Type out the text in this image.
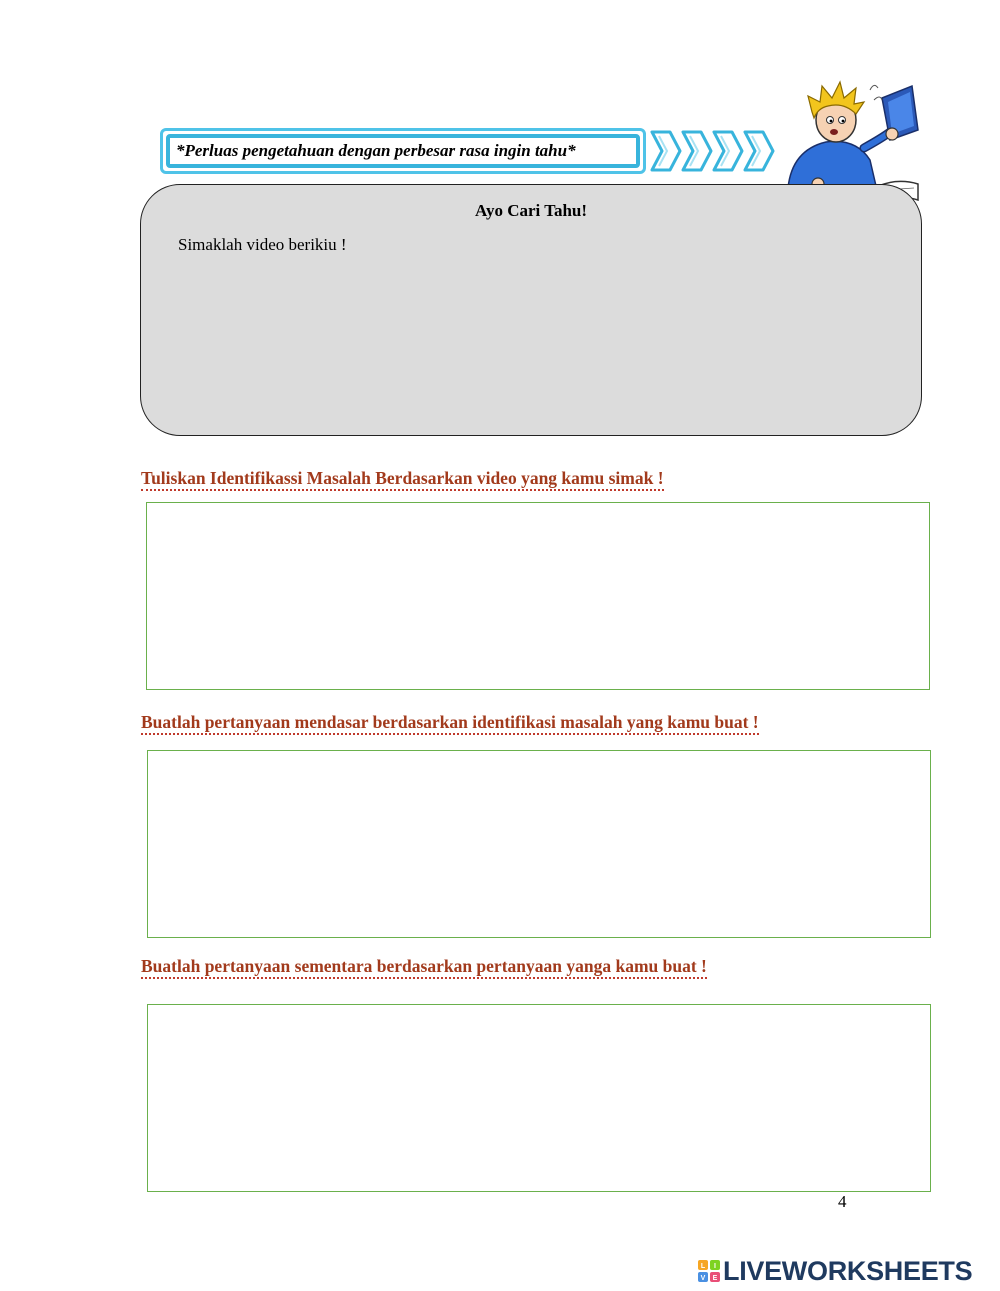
*Perluas pengetahuan dengan perbesar rasa ingin tahu*
Ayo Cari Tahu!
Simaklah video berikiu !
Tuliskan Identifikassi Masalah Berdasarkan video yang kamu simak !
Buatlah pertanyaan mendasar berdasarkan identifikasi masalah yang kamu buat !
Buatlah pertanyaan sementara berdasarkan pertanyaan yanga kamu buat !
4
L I
V E LIVEWORKSHEETS
